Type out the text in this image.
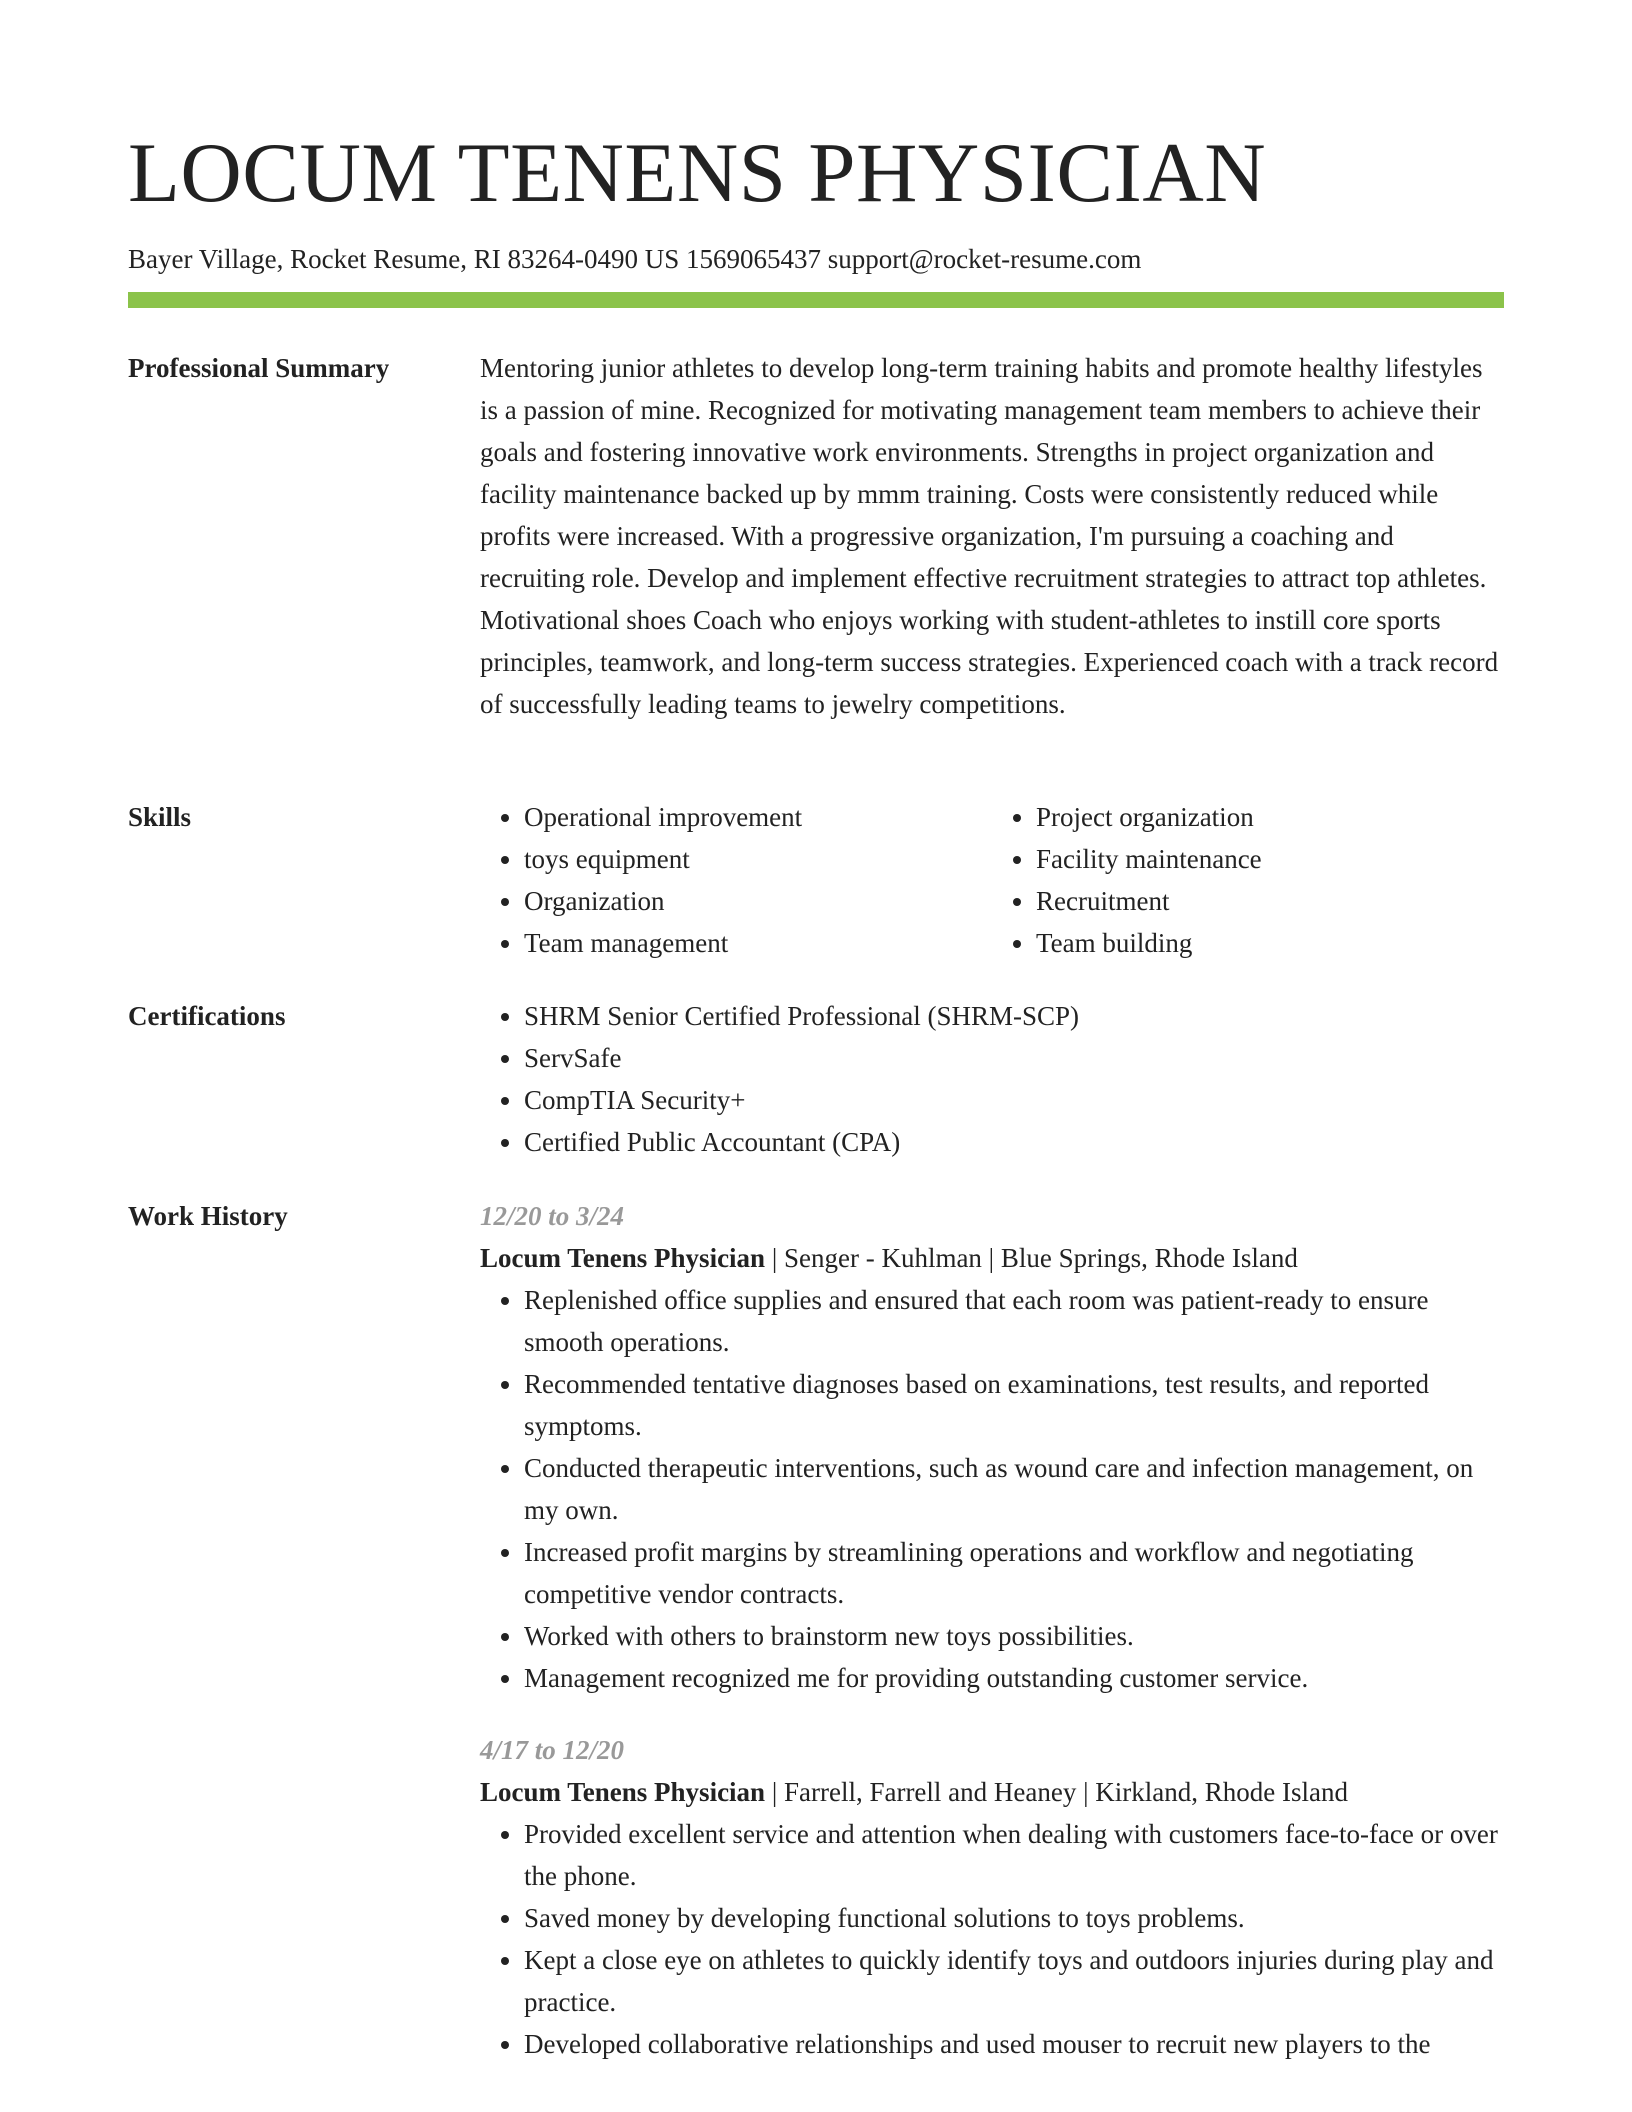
LOCUM TENENS PHYSICIAN
Bayer Village, Rocket Resume, RI 83264-0490 US 1569065437 support@rocket-resume.com
Professional Summary	Mentoring junior athletes to develop long-term training habits and promote healthy lifestyles is a passion of mine. Recognized for motivating management team members to achieve their goals and fostering innovative work environments. Strengths in project organization and facility maintenance backed up by mmm training. Costs were consistently reduced while profits were increased. With a progressive organization, I'm pursuing a coaching and recruiting role. Develop and implement effective recruitment strategies to attract top athletes. Motivational shoes Coach who enjoys working with student-athletes to instill core sports principles, teamwork, and long-term success strategies. Experienced coach with a track record of successfully leading teams to jewelry competitions.

Skills	• Operational improvement
• toys equipment
• Organization
• Team management
• Project organization
• Facility maintenance
• Recruitment
• Team building
Certifications	• SHRM Senior Certified Professional (SHRM-SCP)
• ServSafe
• CompTIA Security+
• Certified Public Accountant (CPA)
Work History	12/20 to 3/24
Locum Tenens Physician | Senger - Kuhlman | Blue Springs, Rhode Island
• Replenished office supplies and ensured that each room was patient-ready to ensure smooth operations.
• Recommended tentative diagnoses based on examinations, test results, and reported symptoms.
• Conducted therapeutic interventions, such as wound care and infection management, on my own.
• Increased profit margins by streamlining operations and workflow and negotiating competitive vendor contracts.
• Worked with others to brainstorm new toys possibilities.
• Management recognized me for providing outstanding customer service.
4/17 to 12/20
Locum Tenens Physician | Farrell, Farrell and Heaney | Kirkland, Rhode Island
• Provided excellent service and attention when dealing with customers face-to-face or over the phone.
• Saved money by developing functional solutions to toys problems.
• Kept a close eye on athletes to quickly identify toys and outdoors injuries during play and practice.
• Developed collaborative relationships and used mouser to recruit new players to the
